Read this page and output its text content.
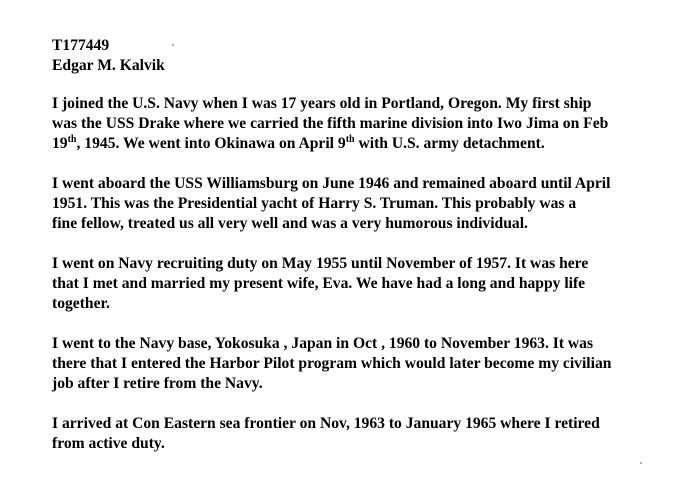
T177449
Edgar M. Kalvik
I joined the U.S. Navy when I was 17 years old in Portland, Oregon. My first ship
was the USS Drake where we carried the fifth marine division into Iwo Jima on Feb
19th, 1945. We went into Okinawa on April 9th with U.S. army detachment.
I went aboard the USS Williamsburg on June 1946 and remained aboard until April
1951. This was the Presidential yacht of Harry S. Truman. This probably was a
fine fellow, treated us all very well and was a very humorous individual.
I went on Navy recruiting duty on May 1955 until November of 1957. It was here
that I met and married my present wife, Eva. We have had a long and happy life
together.
I went to the Navy base, Yokosuka , Japan in Oct , 1960 to November 1963. It was
there that I entered the Harbor Pilot program which would later become my civilian
job after I retire from the Navy.
I arrived at Con Eastern sea frontier on Nov, 1963 to January 1965 where I retired
from active duty.
